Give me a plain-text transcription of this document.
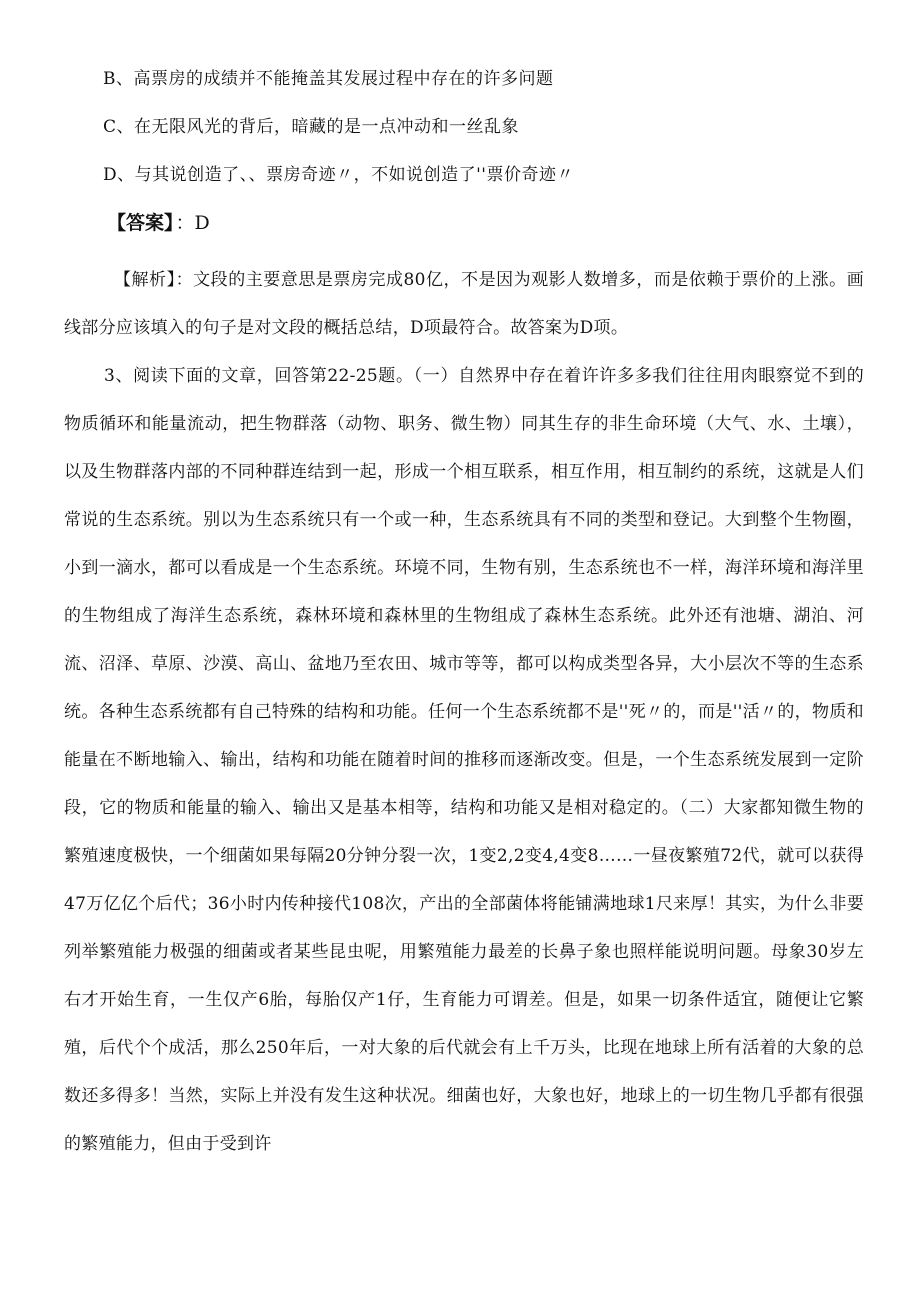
B、高票房的成绩并不能掩盖其发展过程中存在的许多问题
C、在无限风光的背后，暗藏的是一点冲动和一丝乱象
D、与其说创造了、、票房奇迹〃，不如说创造了''票价奇迹〃
【答案】 ：D
【解析】：文段的主要意思是票房完成80亿，不是因为观影人数增多，而是依赖于票价的上涨。画线部分应该填入的句子是对文段的概括总结，D项最符合。故答案为D项。
3、阅读下面的文章，回答第22-25题。（一）自然界中存在着许许多多我们往往用肉眼察觉不到的物质循环和能量流动，把生物群落（动物、职务、微生物）同其生存的非生命环境（大气、水、土壤），以及生物群落内部的不同种群连结到一起，形成一个相互联系，相互作用，相互制约的系统，这就是人们常说的生态系统。别以为生态系统只有一个或一种，生态系统具有不同的类型和登记。大到整个生物圈，小到一滴水，都可以看成是一个生态系统。环境不同，生物有别，生态系统也不一样，海洋环境和海洋里的生物组成了海洋生态系统，森林环境和森林里的生物组成了森林生态系统。此外还有池塘、湖泊、河流、沼泽、草原、沙漠、高山、盆地乃至农田、城市等等，都可以构成类型各异，大小层次不等的生态系统。各种生态系统都有自己特殊的结构和功能。任何一个生态系统都不是''死〃的，而是''活〃的，物质和能量在不断地输入、输出，结构和功能在随着时间的推移而逐渐改变。但是，一个生态系统发展到一定阶段，它的物质和能量的输入、输出又是基本相等，结构和功能又是相对稳定的。（二）大家都知微生物的繁殖速度极快，一个细菌如果每隔20分钟分裂一次，1变2,2变4,4变8……一昼夜繁殖72代，就可以获得47万亿亿个后代；36小时内传种接代108次，产出的全部菌体将能铺满地球1尺来厚！其实，为什么非要列举繁殖能力极强的细菌或者某些昆虫呢，用繁殖能力最差的长鼻子象也照样能说明问题。母象30岁左右才开始生育，一生仅产6胎，每胎仅产1仔，生育能力可谓差。但是，如果一切条件适宜，随便让它繁殖，后代个个成活，那么250年后，一对大象的后代就会有上千万头，比现在地球上所有活着的大象的总数还多得多！当然，实际上并没有发生这种状况。细菌也好，大象也好，地球上的一切生物几乎都有很强的繁殖能力，但由于受到许
